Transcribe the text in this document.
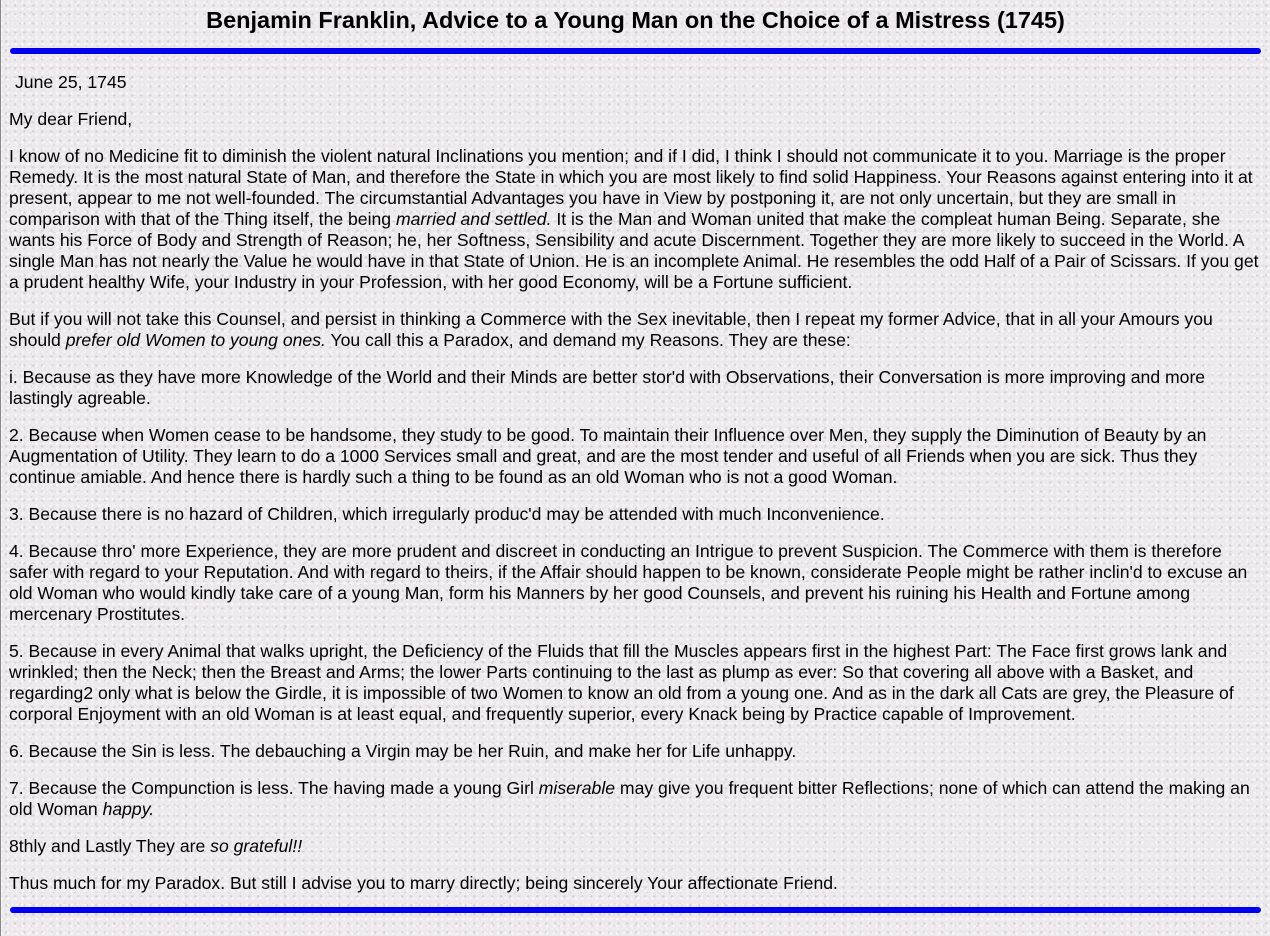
Benjamin Franklin, Advice to a Young Man on the Choice of a Mistress (1745)

June 25, 1745

My dear Friend,

I know of no Medicine fit to diminish the violent natural Inclinations you mention; and if I did, I think I should not communicate it to you. Marriage is the proper Remedy. It is the most natural State of Man, and therefore the State in which you are most likely to find solid Happiness. Your Reasons against entering into it at present, appear to me not well-founded. The circumstantial Advantages you have in View by postponing it, are not only uncertain, but they are small in comparison with that of the Thing itself, the being married and settled. It is the Man and Woman united that make the compleat human Being. Separate, she wants his Force of Body and Strength of Reason; he, her Softness, Sensibility and acute Discernment. Together they are more likely to succeed in the World. A single Man has not nearly the Value he would have in that State of Union. He is an incomplete Animal. He resembles the odd Half of a Pair of Scissars. If you get a prudent healthy Wife, your Industry in your Profession, with her good Economy, will be a Fortune sufficient.

But if you will not take this Counsel, and persist in thinking a Commerce with the Sex inevitable, then I repeat my former Advice, that in all your Amours you should prefer old Women to young ones. You call this a Paradox, and demand my Reasons. They are these:

i. Because as they have more Knowledge of the World and their Minds are better stor'd with Observations, their Conversation is more improving and more lastingly agreable.

2. Because when Women cease to be handsome, they study to be good. To maintain their Influence over Men, they supply the Diminution of Beauty by an Augmentation of Utility. They learn to do a 1000 Services small and great, and are the most tender and useful of all Friends when you are sick. Thus they continue amiable. And hence there is hardly such a thing to be found as an old Woman who is not a good Woman.

3. Because there is no hazard of Children, which irregularly produc'd may be attended with much Inconvenience.

4. Because thro' more Experience, they are more prudent and discreet in conducting an Intrigue to prevent Suspicion. The Commerce with them is therefore safer with regard to your Reputation. And with regard to theirs, if the Affair should happen to be known, considerate People might be rather inclin'd to excuse an old Woman who would kindly take care of a young Man, form his Manners by her good Counsels, and prevent his ruining his Health and Fortune among mercenary Prostitutes.

5. Because in every Animal that walks upright, the Deficiency of the Fluids that fill the Muscles appears first in the highest Part: The Face first grows lank and wrinkled; then the Neck; then the Breast and Arms; the lower Parts continuing to the last as plump as ever: So that covering all above with a Basket, and regarding2 only what is below the Girdle, it is impossible of two Women to know an old from a young one. And as in the dark all Cats are grey, the Pleasure of corporal Enjoyment with an old Woman is at least equal, and frequently superior, every Knack being by Practice capable of Improvement.

6. Because the Sin is less. The debauching a Virgin may be her Ruin, and make her for Life unhappy.

7. Because the Compunction is less. The having made a young Girl miserable may give you frequent bitter Reflections; none of which can attend the making an old Woman happy.

8thly and Lastly They are so grateful!!

Thus much for my Paradox. But still I advise you to marry directly; being sincerely Your affectionate Friend.
